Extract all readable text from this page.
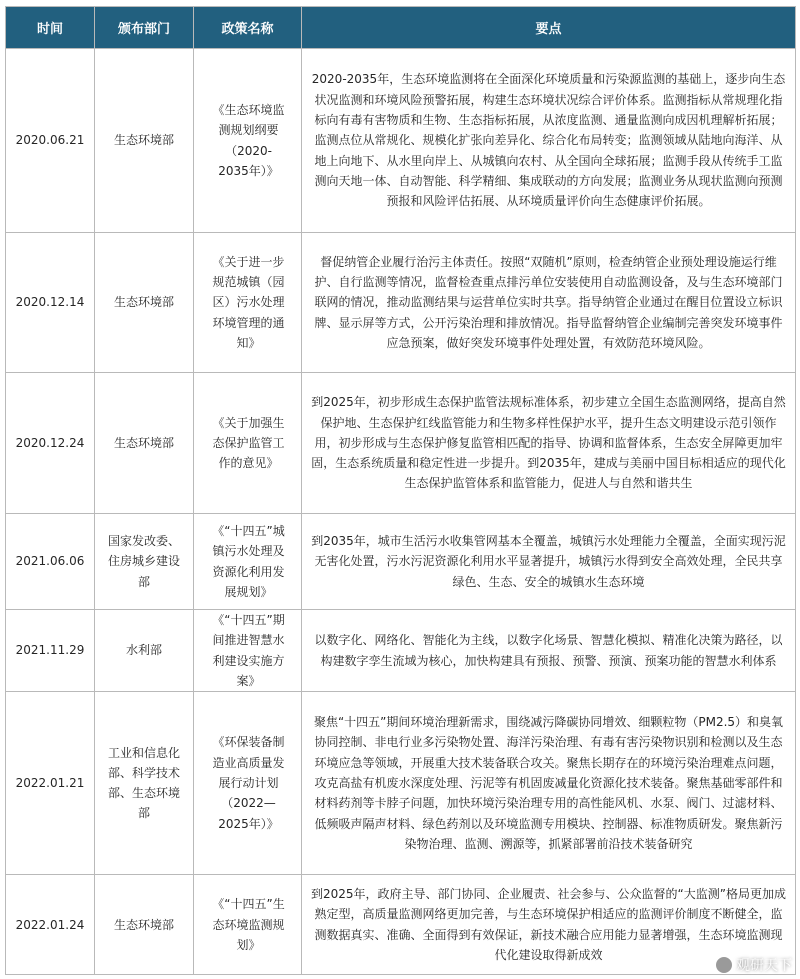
时间	颁布部门	政策名称	要点
2020.06.21	生态环境部	《生态环境监测规划纲要（2020-2035年）》	2020-2035年，生态环境监测将在全面深化环境质量和污染源监测的基础上，逐步向生态状况监测和环境风险预警拓展，构建生态环境状况综合评价体系。监测指标从常规理化指标向有毒有害物质和生物、生态指标拓展，从浓度监测、通量监测向成因机理解析拓展；监测点位从常规化、规模化扩张向差异化、综合化布局转变；监测领域从陆地向海洋、从地上向地下、从水里向岸上、从城镇向农村、从全国向全球拓展；监测手段从传统手工监测向天地一体、自动智能、科学精细、集成联动的方向发展；监测业务从现状监测向预测预报和风险评估拓展、从环境质量评价向生态健康评价拓展。
2020.12.14	生态环境部	《关于进一步规范城镇（园区）污水处理环境管理的通知》	督促纳管企业履行治污主体责任。按照“双随机”原则，检查纳管企业预处理设施运行维护、自行监测等情况，监督检查重点排污单位安装使用自动监测设备，及与生态环境部门联网的情况，推动监测结果与运营单位实时共享。指导纳管企业通过在醒目位置设立标识牌、显示屏等方式，公开污染治理和排放情况。指导监督纳管企业编制完善突发环境事件应急预案，做好突发环境事件处理处置，有效防范环境风险。
2020.12.24	生态环境部	《关于加强生态保护监管工作的意见》	到2025年，初步形成生态保护监管法规标准体系，初步建立全国生态监测网络，提高自然保护地、生态保护红线监管能力和生物多样性保护水平，提升生态文明建设示范引领作用，初步形成与生态保护修复监管相匹配的指导、协调和监督体系，生态安全屏障更加牢固，生态系统质量和稳定性进一步提升。到2035年，建成与美丽中国目标相适应的现代化生态保护监管体系和监管能力，促进人与自然和谐共生
2021.06.06	国家发改委、住房城乡建设部	《“十四五”城镇污水处理及资源化利用发展规划》	到2035年，城市生活污水收集管网基本全覆盖，城镇污水处理能力全覆盖，全面实现污泥无害化处置，污水污泥资源化利用水平显著提升，城镇污水得到安全高效处理，全民共享绿色、生态、安全的城镇水生态环境
2021.11.29	水利部	《“十四五”期间推进智慧水利建设实施方案》	以数字化、网络化、智能化为主线，以数字化场景、智慧化模拟、精准化决策为路径，以构建数字孪生流域为核心，加快构建具有预报、预警、预演、预案功能的智慧水利体系
2022.01.21	工业和信息化部、科学技术部、生态环境部	《环保装备制造业高质量发展行动计划（2022—2025年）》	聚焦“十四五”期间环境治理新需求，围绕减污降碳协同增效、细颗粒物（PM2.5）和臭氧协同控制、非电行业多污染物处置、海洋污染治理、有毒有害污染物识别和检测以及生态环境应急等领域，开展重大技术装备联合攻关。聚焦长期存在的环境污染治理难点问题，攻克高盐有机废水深度处理、污泥等有机固废减量化资源化技术装备。聚焦基础零部件和材料药剂等卡脖子问题，加快环境污染治理专用的高性能风机、水泵、阀门、过滤材料、低频吸声隔声材料、绿色药剂以及环境监测专用模块、控制器、标准物质研发。聚焦新污染物治理、监测、溯源等，抓紧部署前沿技术装备研究
2022.01.24	生态环境部	《“十四五”生态环境监测规划》	到2025年，政府主导、部门协同、企业履责、社会参与、公众监督的“大监测”格局更加成熟定型，高质量监测网络更加完善，与生态环境保护相适应的监测评价制度不断健全，监测数据真实、准确、全面得到有效保证，新技术融合应用能力显著增强，生态环境监测现代化建设取得新成效
观研天下
